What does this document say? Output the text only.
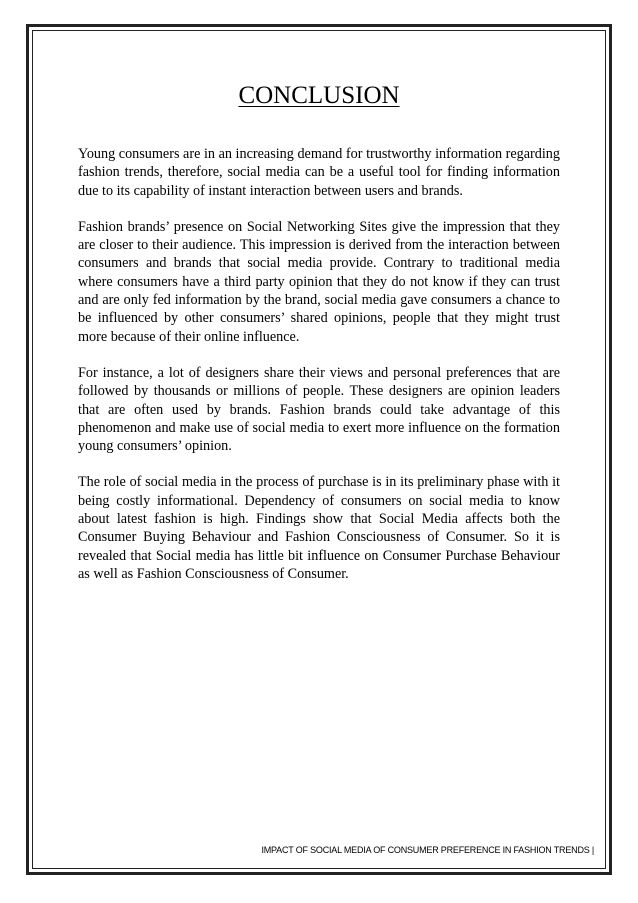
CONCLUSION

Young consumers are in an increasing demand for trustworthy information regarding fashion trends, therefore, social media can be a useful tool for finding information due to its capability of instant interaction between users and brands.

Fashion brands’ presence on Social Networking Sites give the impression that they are closer to their audience. This impression is derived from the interaction between consumers and brands that social media provide. Contrary to traditional media where consumers have a third party opinion that they do not know if they can trust and are only fed information by the brand, social media gave consumers a chance to be influenced by other consumers’ shared opinions, people that they might trust more because of their online influence.

For instance, a lot of designers share their views and personal preferences that are followed by thousands or millions of people. These designers are opinion leaders that are often used by brands. Fashion brands could take advantage of this phenomenon and make use of social media to exert more influence on the formation young consumers’ opinion.

The role of social media in the process of purchase is in its preliminary phase with it being costly informational. Dependency of consumers on social media to know about latest fashion is high. Findings show that Social Media affects both the Consumer Buying Behaviour and Fashion Consciousness of Consumer. So it is revealed that Social media has little bit influence on Consumer Purchase Behaviour as well as Fashion Consciousness of Consumer.

IMPACT OF SOCIAL MEDIA OF CONSUMER PREFERENCE IN FASHION TRENDS |
